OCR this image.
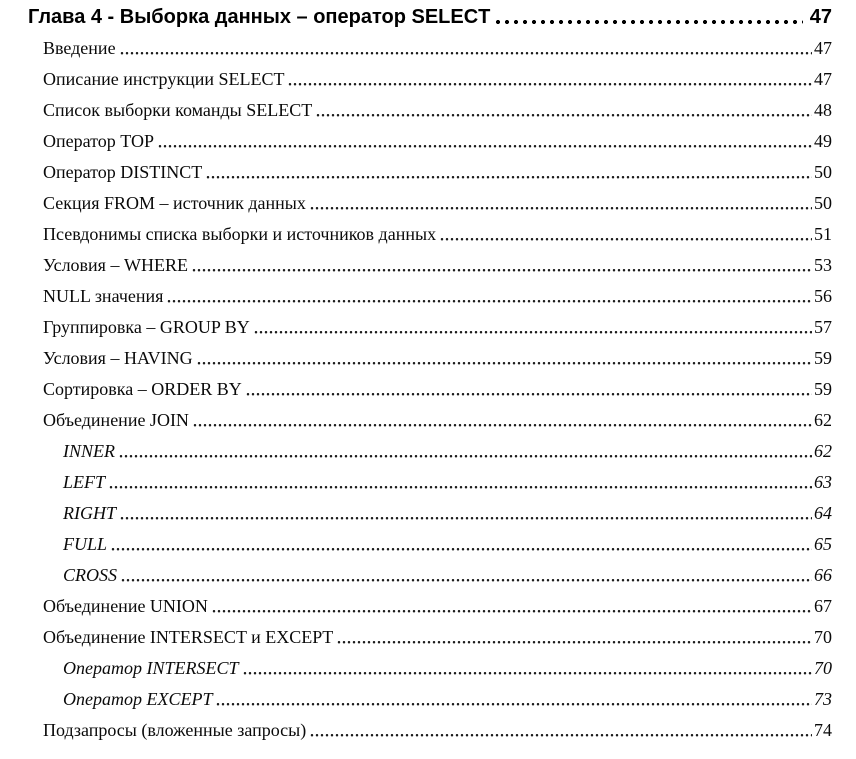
Глава 4 - Выборка данных – оператор SELECT	47
Введение	47
Описание инструкции SELECT	47
Список выборки команды SELECT	48
Оператор TOP	49
Оператор DISTINCT	50
Секция FROM – источник данных	50
Псевдонимы списка выборки и источников данных	51
Условия – WHERE	53
NULL значения	56
Группировка – GROUP BY	57
Условия – HAVING	59
Сортировка – ORDER BY	59
Объединение JOIN	62
INNER	62
LEFT	63
RIGHT	64
FULL	65
CROSS	66
Объединение UNION	67
Объединение INTERSECT и EXCEPT	70
Оператор INTERSECT	70
Оператор EXCEPT	73
Подзапросы (вложенные запросы)	74
